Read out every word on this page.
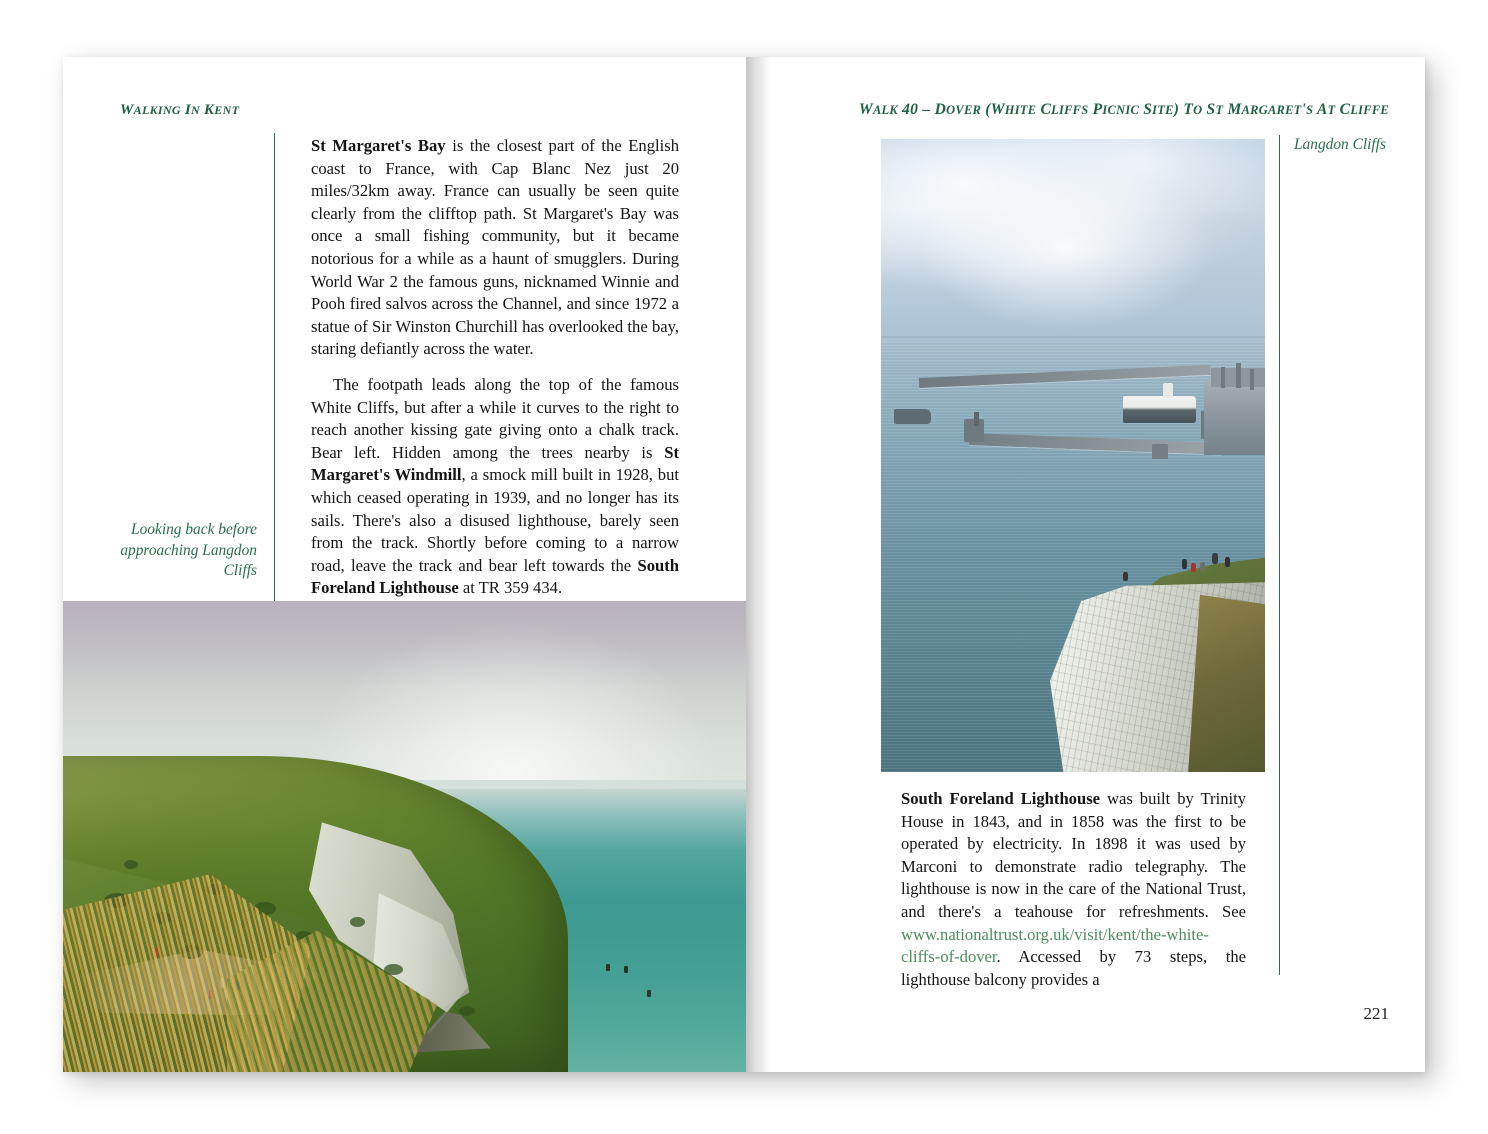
WALKING IN KENT

St Margaret's Bay is the closest part of the English coast to France, with Cap Blanc Nez just 20 miles/32km away. France can usually be seen quite clearly from the clifftop path. St Margaret's Bay was once a small fishing community, but it became notorious for a while as a haunt of smugglers. During World War 2 the famous guns, nicknamed Winnie and Pooh fired salvos across the Channel, and since 1972 a statue of Sir Winston Churchill has overlooked the bay, staring defiantly across the water.

The footpath leads along the top of the famous White Cliffs, but after a while it curves to the right to reach another kissing gate giving onto a chalk track. Bear left. Hidden among the trees nearby is St Margaret's Windmill, a smock mill built in 1928, but which ceased operating in 1939, and no longer has its sails. There's also a disused lighthouse, barely seen from the track. Shortly before coming to a narrow road, leave the track and bear left towards the South Foreland Lighthouse at TR 359 434.

Looking back before approaching Langdon Cliffs
WALK 40 – DOVER (WHITE CLIFFS PICNIC SITE) TO ST MARGARET'S AT CLIFFE
Langdon Cliffs

South Foreland Lighthouse was built by Trinity House in 1843, and in 1858 was the first to be operated by electricity. In 1898 it was used by Marconi to demonstrate radio telegraphy. The lighthouse is now in the care of the National Trust, and there's a teahouse for refreshments. See www.nationaltrust.org.uk/visit/kent/the-white-cliffs-of-dover. Accessed by 73 steps, the lighthouse balcony provides a

221
